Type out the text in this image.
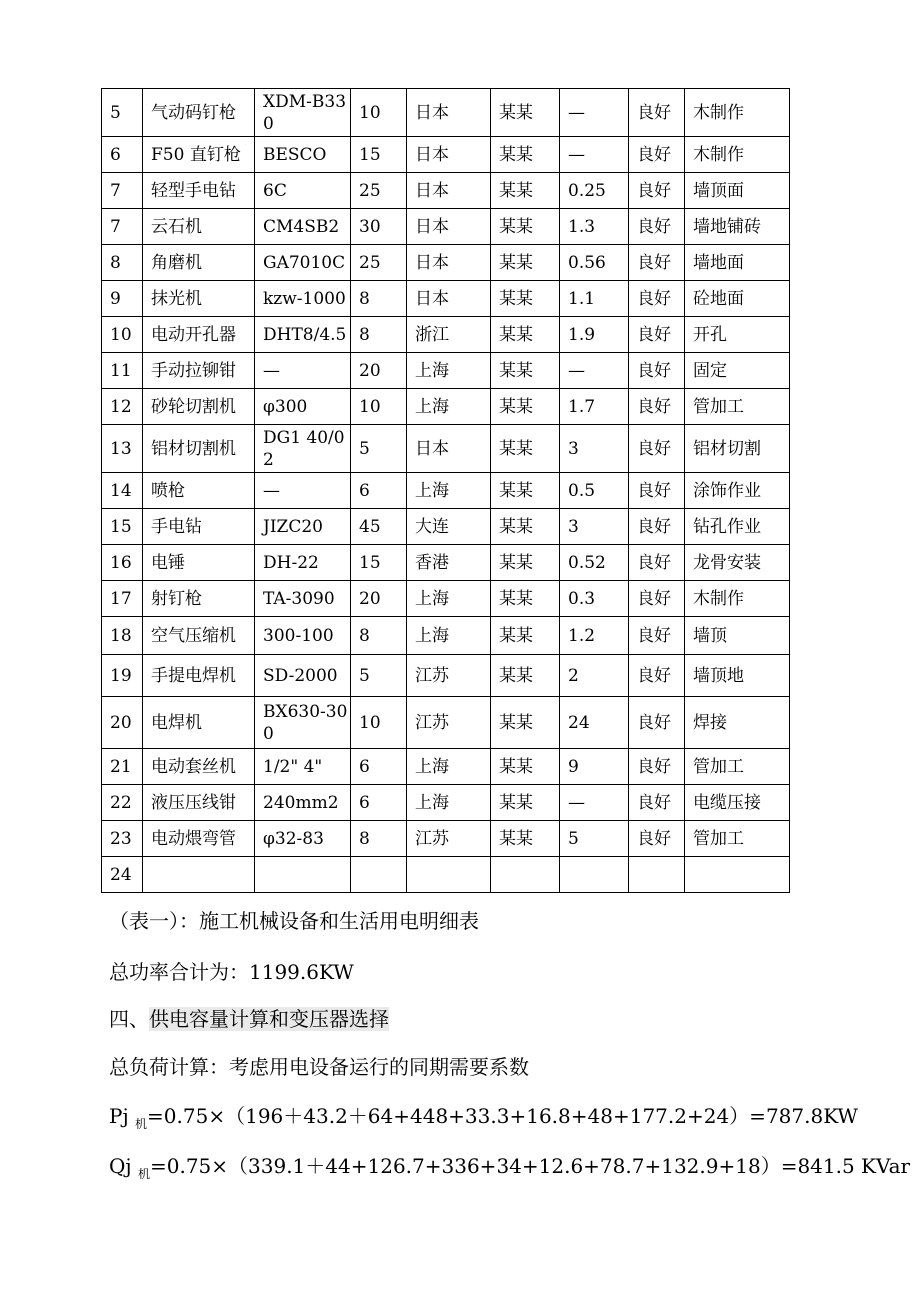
5	气动码钉枪	XDM-B330	10	日本	某某	—	良好	木制作
6	F50 直钉枪	BESCO	15	日本	某某	—	良好	木制作
7	轻型手电钻	6C	25	日本	某某	0.25	良好	墙顶面
7	云石机	CM4SB2	30	日本	某某	1.3	良好	墙地铺砖
8	角磨机	GA7010C	25	日本	某某	0.56	良好	墙地面
9	抹光机	kzw-1000	8	日本	某某	1.1	良好	砼地面
10	电动开孔器	DHT8/4.5	8	浙江	某某	1.9	良好	开孔
11	手动拉铆钳	—	20	上海	某某	—	良好	固定
12	砂轮切割机	φ300	10	上海	某某	1.7	良好	管加工
13	铝材切割机	DG1 40/02	5	日本	某某	3	良好	铝材切割
14	喷枪	—	6	上海	某某	0.5	良好	涂饰作业
15	手电钻	JIZC20	45	大连	某某	3	良好	钻孔作业
16	电锤	DH-22	15	香港	某某	0.52	良好	龙骨安装
17	射钉枪	TA-3090	20	上海	某某	0.3	良好	木制作
18	空气压缩机	300-100	8	上海	某某	1.2	良好	墙顶
19	手提电焊机	SD-2000	5	江苏	某某	2	良好	墙顶地
20	电焊机	BX630-300	10	江苏	某某	24	良好	焊接
21	电动套丝机	1/2" 4"	6	上海	某某	9	良好	管加工
22	液压压线钳	240mm2	6	上海	某某	—	良好	电缆压接
23	电动煨弯管	φ32-83	8	江苏	某某	5	良好	管加工
24								
（表一）：施工机械设备和生活用电明细表
总功率合计为：1199.6KW
四、供电容量计算和变压器选择
总负荷计算：考虑用电设备运行的同期需要系数
Pj $_机$=0.75×（196＋43.2＋64+448+33.3+16.8+48+177.2+24）=787.8KW
Qj $_机$=0.75×（339.1＋44+126.7+336+34+12.6+78.7+132.9+18）=841.5 KVar
